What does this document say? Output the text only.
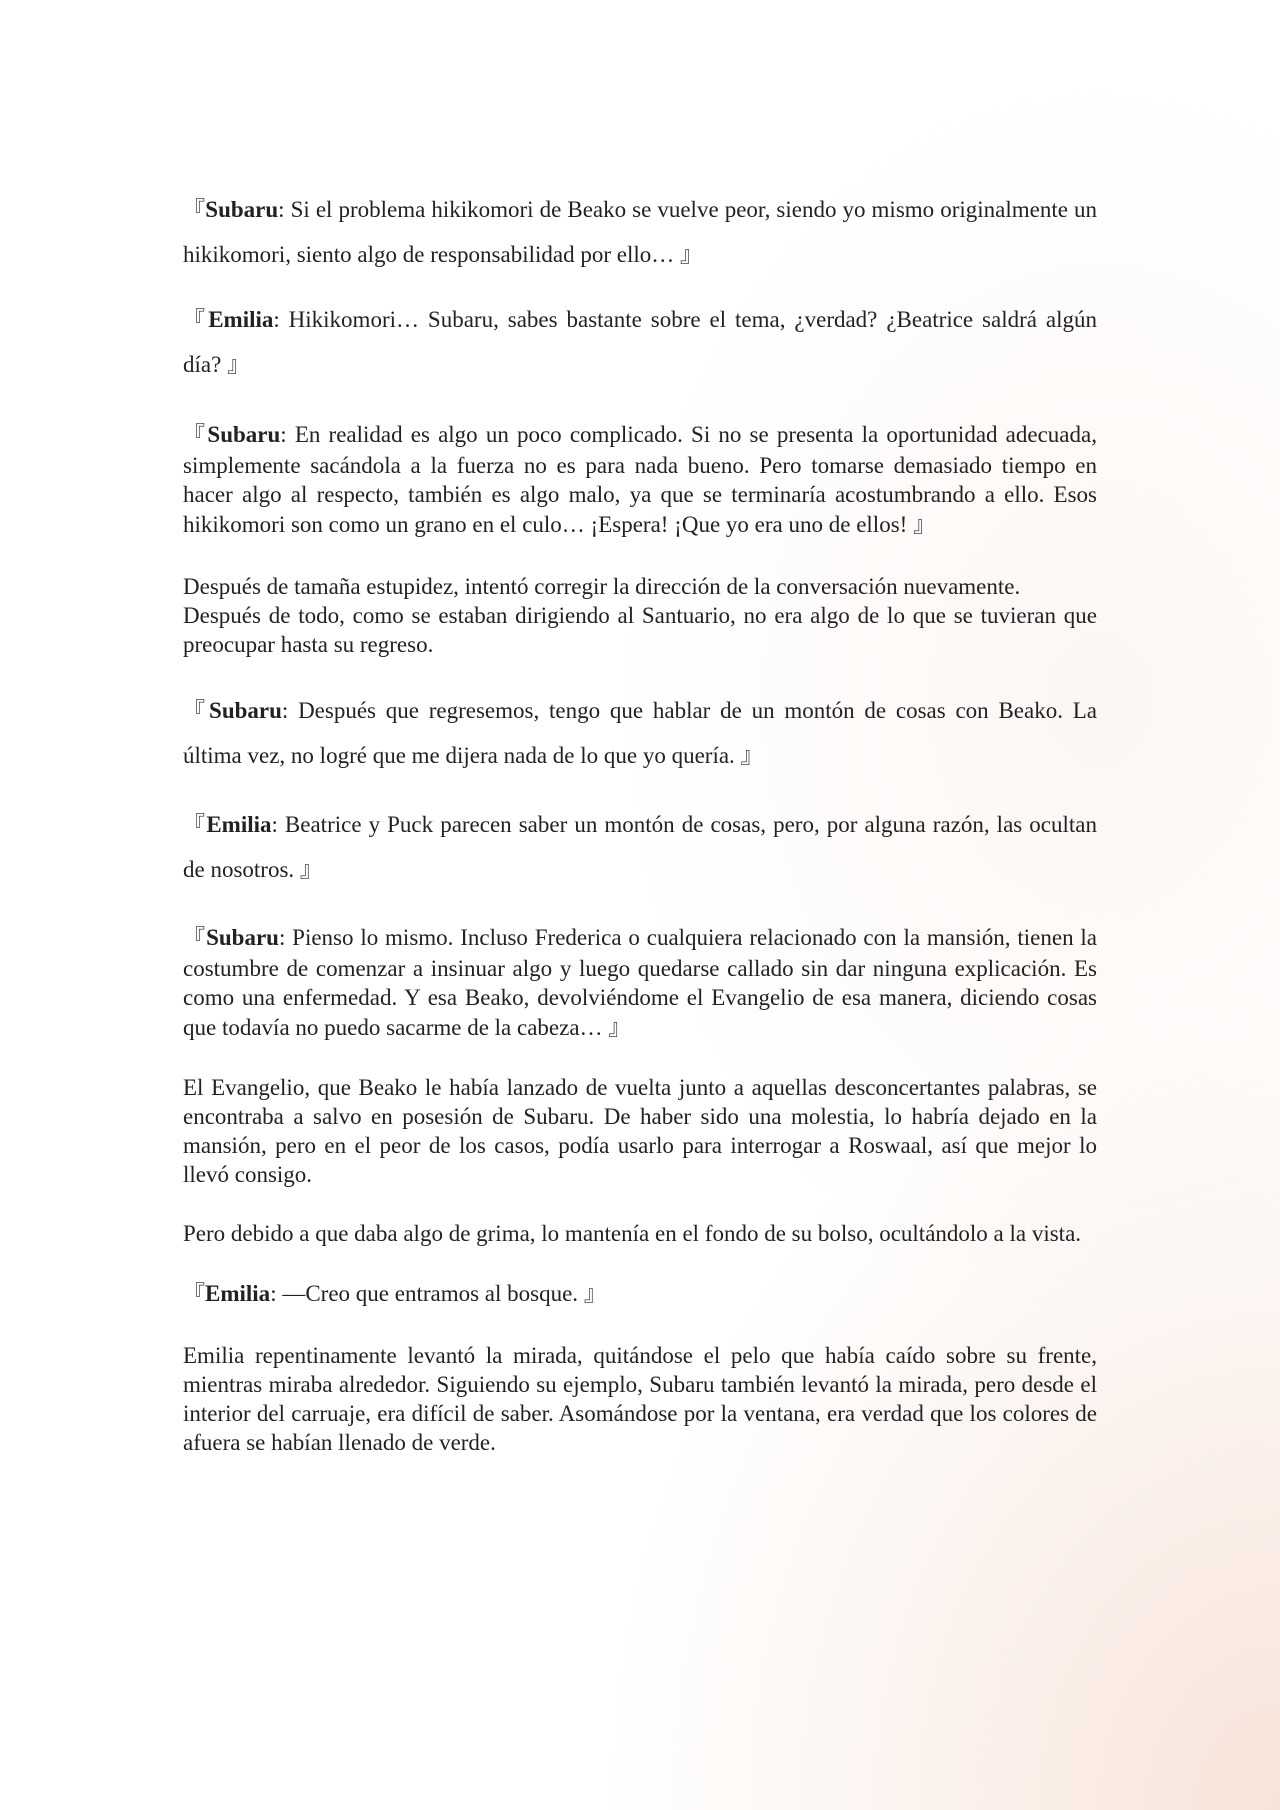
『Subaru: Si el problema hikikomori de Beako se vuelve peor, siendo yo mismo originalmente un hikikomori, siento algo de responsabilidad por ello… 』

『Emilia: Hikikomori… Subaru, sabes bastante sobre el tema, ¿verdad? ¿Beatrice saldrá algún día? 』

『Subaru: En realidad es algo un poco complicado. Si no se presenta la oportunidad adecuada, simplemente sacándola a la fuerza no es para nada bueno. Pero tomarse demasiado tiempo en hacer algo al respecto, también es algo malo, ya que se terminaría acostumbrando a ello. Esos hikikomori son como un grano en el culo… ¡Espera! ¡Que yo era uno de ellos! 』

Después de tamaña estupidez, intentó corregir la dirección de la conversación nuevamente.

Después de todo, como se estaban dirigiendo al Santuario, no era algo de lo que se tuvieran que preocupar hasta su regreso.

『Subaru: Después que regresemos, tengo que hablar de un montón de cosas con Beako. La última vez, no logré que me dijera nada de lo que yo quería. 』

『Emilia: Beatrice y Puck parecen saber un montón de cosas, pero, por alguna razón, las ocultan de nosotros. 』

『Subaru: Pienso lo mismo. Incluso Frederica o cualquiera relacionado con la mansión, tienen la costumbre de comenzar a insinuar algo y luego quedarse callado sin dar ninguna explicación. Es como una enfermedad. Y esa Beako, devolviéndome el Evangelio de esa manera, diciendo cosas que todavía no puedo sacarme de la cabeza… 』

El Evangelio, que Beako le había lanzado de vuelta junto a aquellas desconcertantes palabras, se encontraba a salvo en posesión de Subaru. De haber sido una molestia, lo habría dejado en la mansión, pero en el peor de los casos, podía usarlo para interrogar a Roswaal, así que mejor lo llevó consigo.

Pero debido a que daba algo de grima, lo mantenía en el fondo de su bolso, ocultándolo a la vista.

『Emilia: —Creo que entramos al bosque. 』

Emilia repentinamente levantó la mirada, quitándose el pelo que había caído sobre su frente, mientras miraba alrededor. Siguiendo su ejemplo, Subaru también levantó la mirada, pero desde el interior del carruaje, era difícil de saber. Asomándose por la ventana, era verdad que los colores de afuera se habían llenado de verde.
